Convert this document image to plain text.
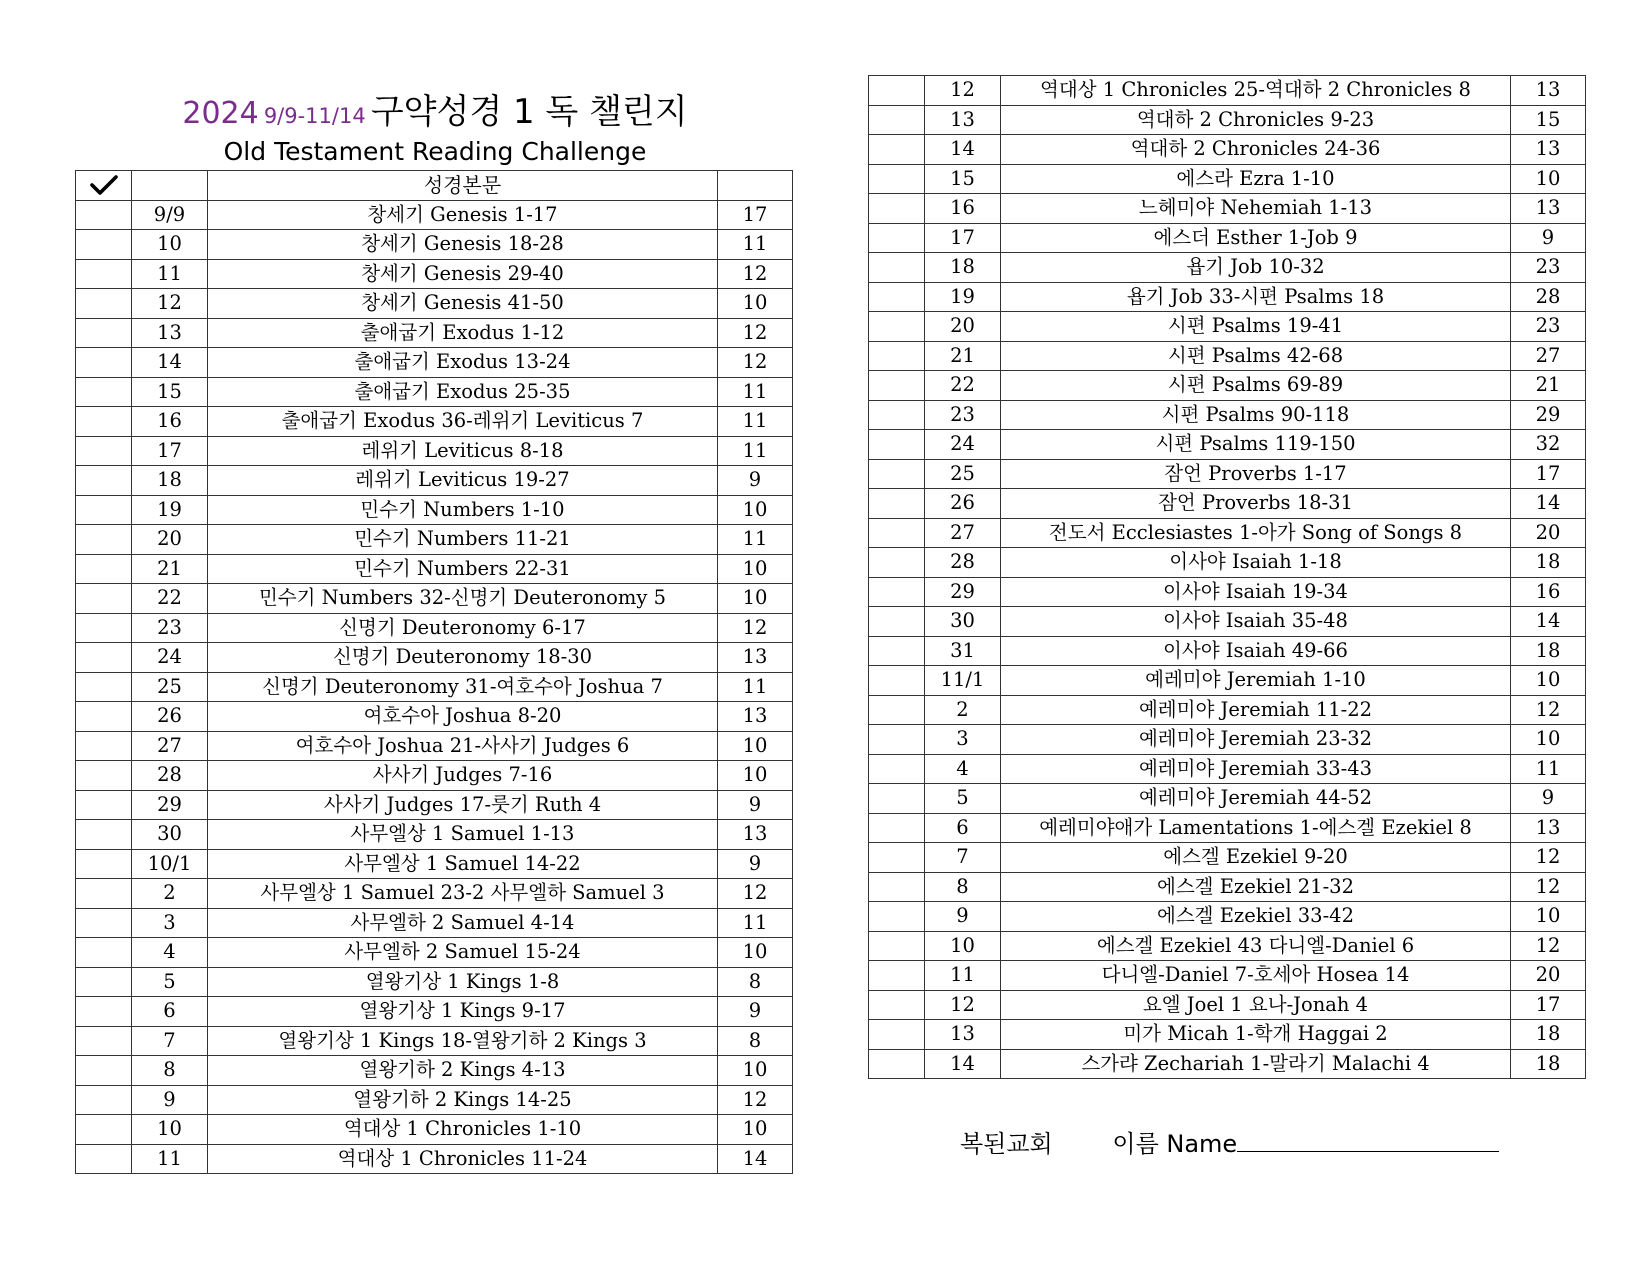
2024 9/9-11/14 구약성경 1 독 챌린지
Old Testament Reading Challenge
		성경본문	
	9/9	창세기 Genesis 1-17	17
	10	창세기 Genesis 18-28	11
	11	창세기 Genesis 29-40	12
	12	창세기 Genesis 41-50	10
	13	출애굽기 Exodus 1-12	12
	14	출애굽기 Exodus 13-24	12
	15	출애굽기 Exodus 25-35	11
	16	출애굽기 Exodus 36-레위기 Leviticus 7	11
	17	레위기 Leviticus 8-18	11
	18	레위기 Leviticus 19-27	9
	19	민수기 Numbers 1-10	10
	20	민수기 Numbers 11-21	11
	21	민수기 Numbers 22-31	10
	22	민수기 Numbers 32-신명기 Deuteronomy 5	10
	23	신명기 Deuteronomy 6-17	12
	24	신명기 Deuteronomy 18-30	13
	25	신명기 Deuteronomy 31-여호수아 Joshua 7	11
	26	여호수아 Joshua 8-20	13
	27	여호수아 Joshua 21-사사기 Judges 6	10
	28	사사기 Judges 7-16	10
	29	사사기 Judges 17-룻기 Ruth 4	9
	30	사무엘상 1 Samuel 1-13	13
	10/1	사무엘상 1 Samuel 14-22	9
	2	사무엘상 1 Samuel 23-2 사무엘하 Samuel 3	12
	3	사무엘하 2 Samuel 4-14	11
	4	사무엘하 2 Samuel 15-24	10
	5	열왕기상 1 Kings 1-8	8
	6	열왕기상 1 Kings 9-17	9
	7	열왕기상 1 Kings 18-열왕기하 2 Kings 3	8
	8	열왕기하 2 Kings 4-13	10
	9	열왕기하 2 Kings 14-25	12
	10	역대상 1 Chronicles 1-10	10
	11	역대상 1 Chronicles 11-24	14
	12	역대상 1 Chronicles 25-역대하 2 Chronicles 8	13
	13	역대하 2 Chronicles 9-23	15
	14	역대하 2 Chronicles 24-36	13
	15	에스라 Ezra 1-10	10
	16	느헤미야 Nehemiah 1-13	13
	17	에스더 Esther 1-Job 9	9
	18	욥기 Job 10-32	23
	19	욥기 Job 33-시편 Psalms 18	28
	20	시편 Psalms 19-41	23
	21	시편 Psalms 42-68	27
	22	시편 Psalms 69-89	21
	23	시편 Psalms 90-118	29
	24	시편 Psalms 119-150	32
	25	잠언 Proverbs 1-17	17
	26	잠언 Proverbs 18-31	14
	27	전도서 Ecclesiastes 1-아가 Song of Songs 8	20
	28	이사야 Isaiah 1-18	18
	29	이사야 Isaiah 19-34	16
	30	이사야 Isaiah 35-48	14
	31	이사야 Isaiah 49-66	18
	11/1	예레미야 Jeremiah 1-10	10
	2	예레미야 Jeremiah 11-22	12
	3	예레미야 Jeremiah 23-32	10
	4	예레미야 Jeremiah 33-43	11
	5	예레미야 Jeremiah 44-52	9
	6	예레미야애가 Lamentations 1-에스겔 Ezekiel 8	13
	7	에스겔 Ezekiel 9-20	12
	8	에스겔 Ezekiel 21-32	12
	9	에스겔 Ezekiel 33-42	10
	10	에스겔 Ezekiel 43 다니엘-Daniel 6	12
	11	다니엘-Daniel 7-호세아 Hosea 14	20
	12	요엘 Joel 1 요나-Jonah 4	17
	13	미가 Micah 1-학개 Haggai 2	18
	14	스가랴 Zechariah 1-말라기 Malachi 4	18
복된교회 이름 Name
